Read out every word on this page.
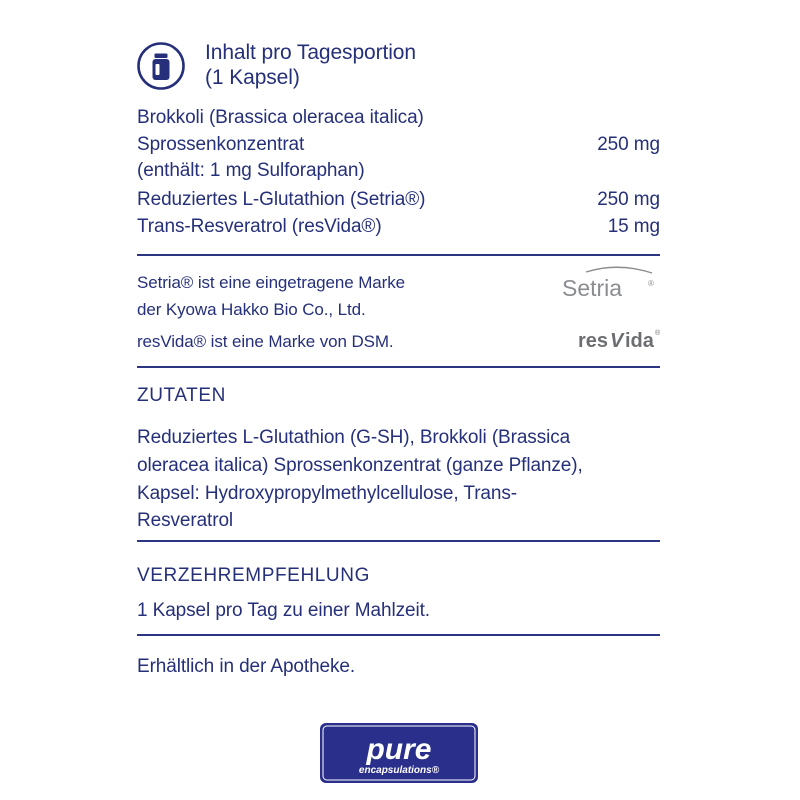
Inhalt pro Tagesportion
(1 Kapsel)
Brokkoli (Brassica oleracea italica)
Sprossenkonzentrat	250 mg
(enthält: 1 mg Sulforaphan)
Reduziertes L-Glutathion (Setria®)	250 mg
Trans-Resveratrol (resVida®)	15 mg
Setria® ist eine eingetragene Marke
der Kyowa Hakko Bio Co., Ltd.
resVida® ist eine Marke von DSM.
Setria	®
res V ida ®
ZUTATEN
Reduziertes L-Glutathion (G-SH), Brokkoli (Brassica
oleracea italica) Sprossenkonzentrat (ganze Pflanze),
Kapsel: Hydroxypropylmethylcellulose, Trans-
Resveratrol
VERZEHREMPFEHLUNG
1 Kapsel pro Tag zu einer Mahlzeit.
Erhältlich in der Apotheke.
pure
encapsulations®
